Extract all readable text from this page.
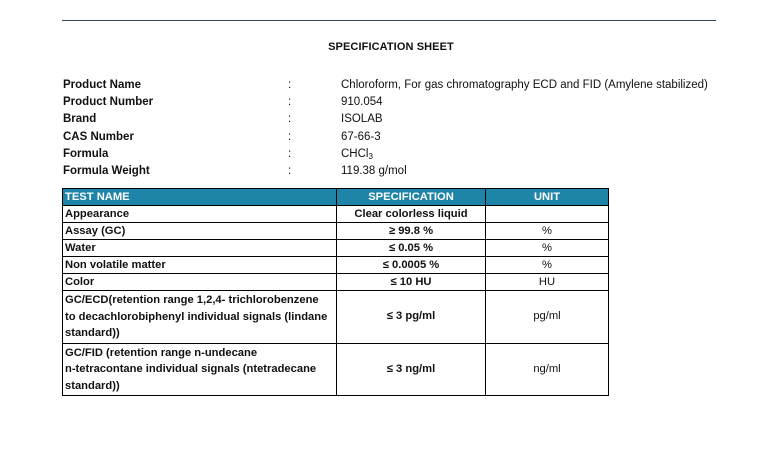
SPECIFICATION SHEET
Product Name	:	Chloroform, For gas chromatography ECD and FID (Amylene stabilized)
Product Number	:	910.054
Brand	:	ISOLAB
CAS Number	:	67-66-3
Formula	:	CHCl$_3$
Formula Weight	:	119.38 g/mol
TEST NAME	SPECIFICATION	UNIT
Appearance	Clear colorless liquid	
Assay (GC)	≥ 99.8 %	%
Water	≤ 0.05 %	%
Non volatile matter	≤ 0.0005 %	%
Color	≤ 10 HU	HU
GC/ECD(retention range 1,2,4- trichlorobenzene
to decachlorobiphenyl individual signals (lindane
standard))	≤ 3 pg/ml	pg/ml
GC/FID (retention range n-undecane
n-tetracontane individual signals (ntetradecane
standard))	≤ 3 ng/ml	ng/ml
